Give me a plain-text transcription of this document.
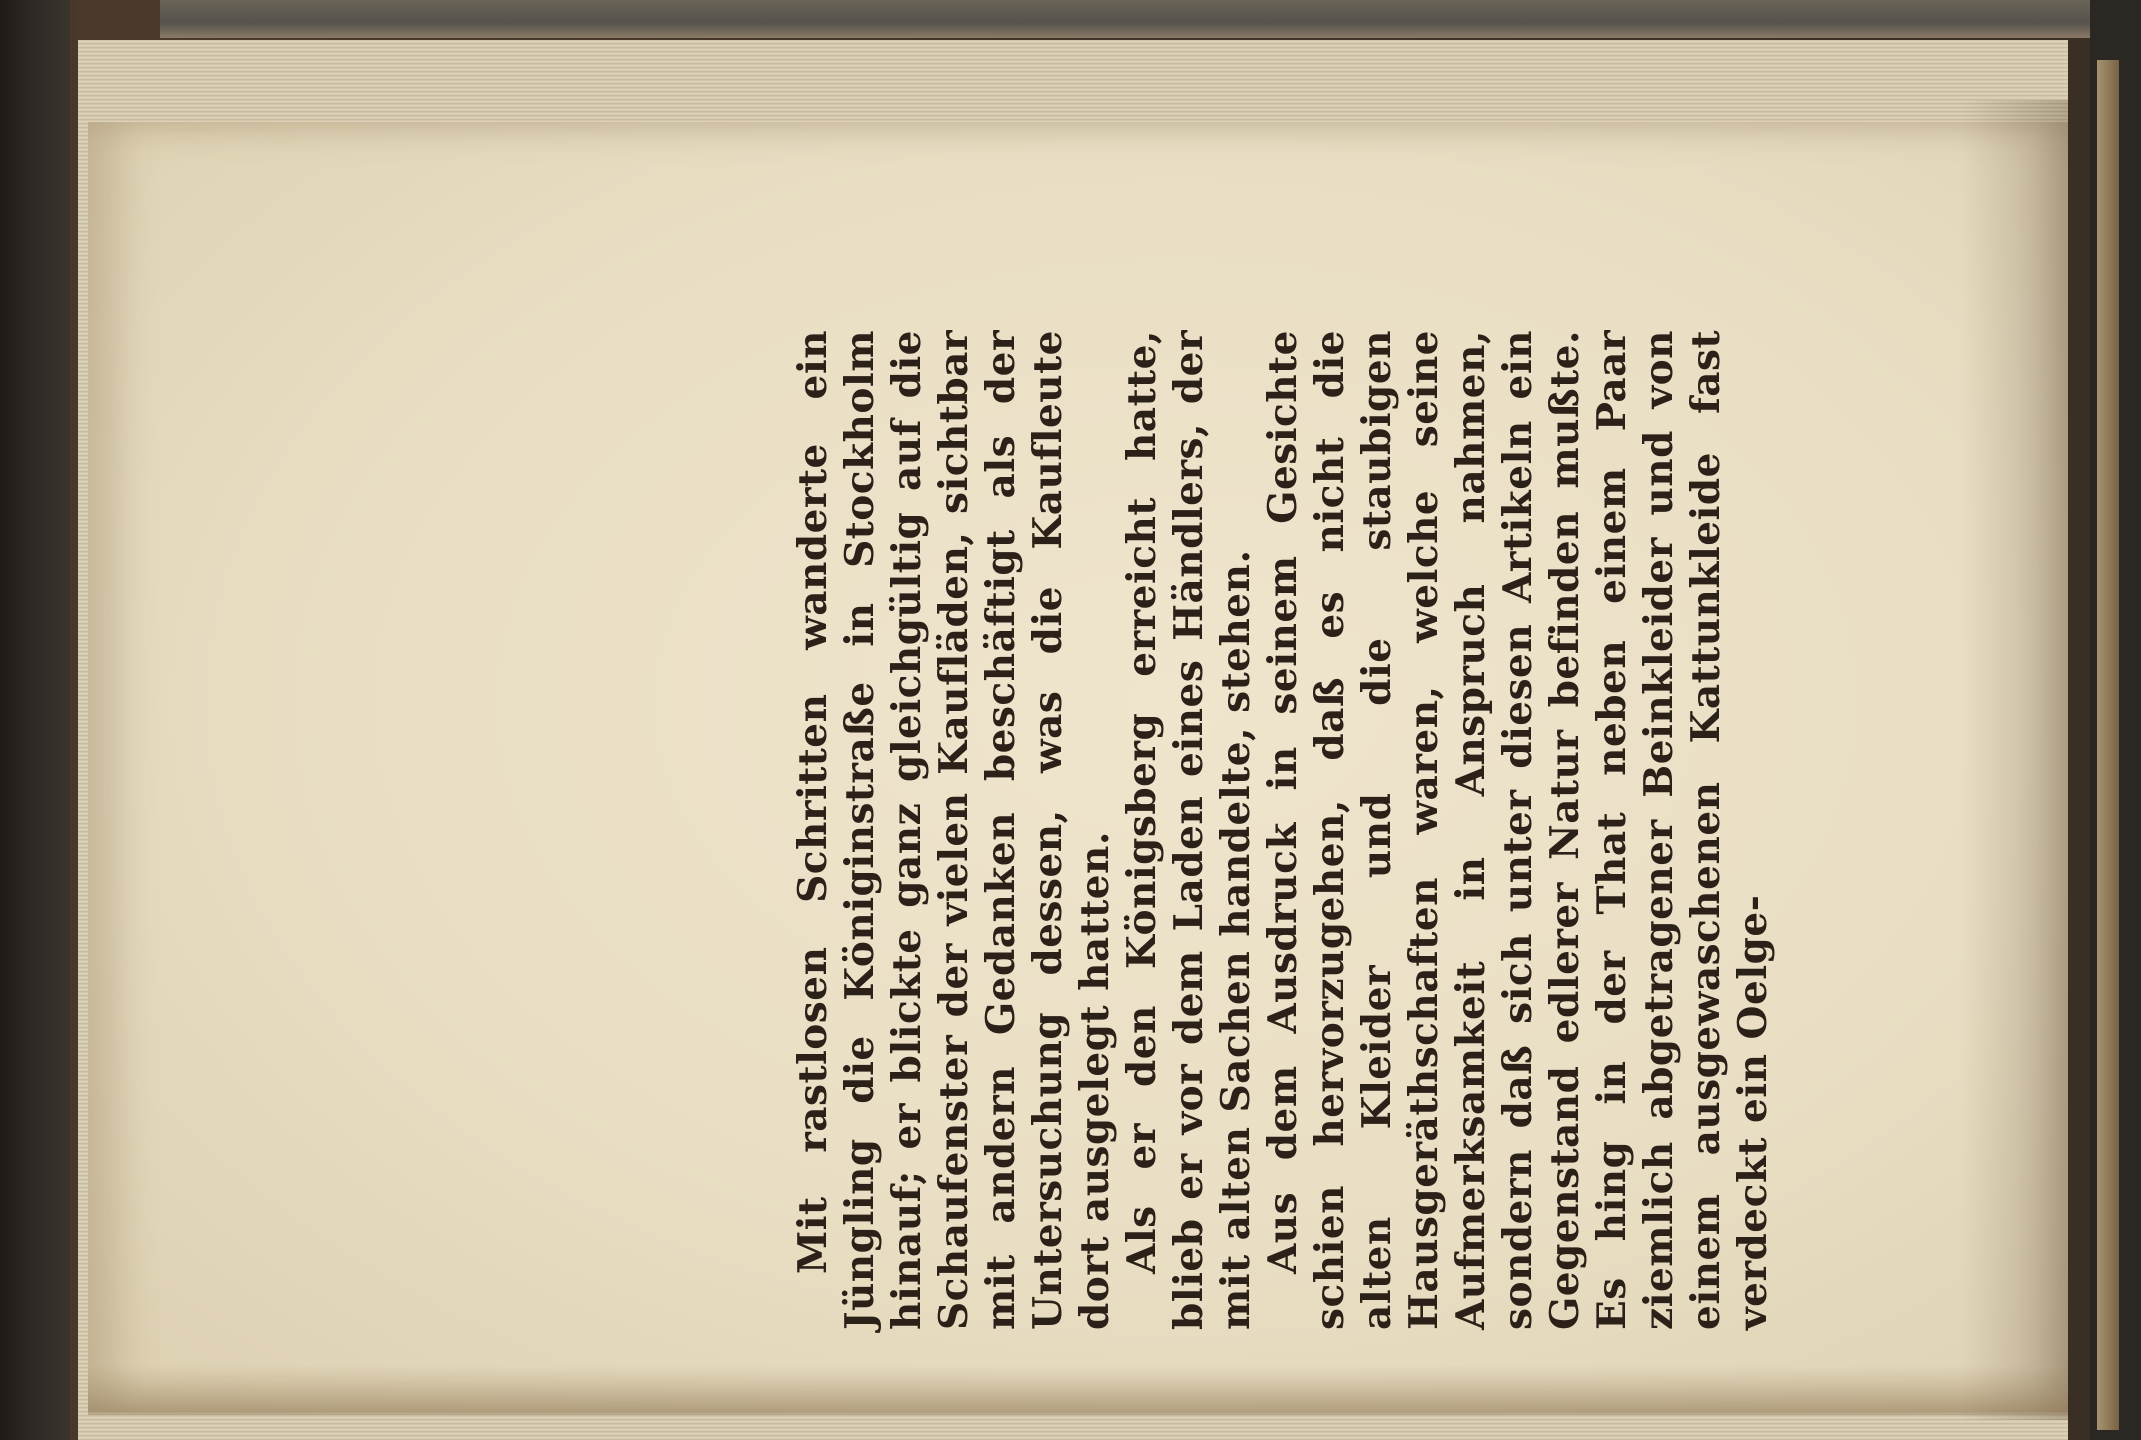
Mit rastlosen Schritten wanderte ein Jüngling die Königinstraße in Stockholm hinauf; er blickte ganz gleichgültig auf die Schaufenster der vielen Kaufläden, sichtbar mit andern Gedanken beschäftigt als der Untersuchung dessen, was die Kaufleute dort ausgelegt hatten. Als er den Königsberg erreicht hatte, blieb er vor dem Laden eines Händlers, der mit alten Sachen handelte, stehen. Aus dem Ausdruck in seinem Gesichte schien hervorzugehen, daß es nicht die alten Kleider und die staubigen Hausgeräthschaften waren, welche seine Aufmerksamkeit in Anspruch nahmen, sondern daß sich unter diesen Artikeln ein Gegenstand edlerer Natur befinden mußte. Es hing in der That neben einem Paar ziemlich abgetragener Beinkleider und von einem ausgewaschenen Kattunkleide fast verdeckt ein Oelge-
